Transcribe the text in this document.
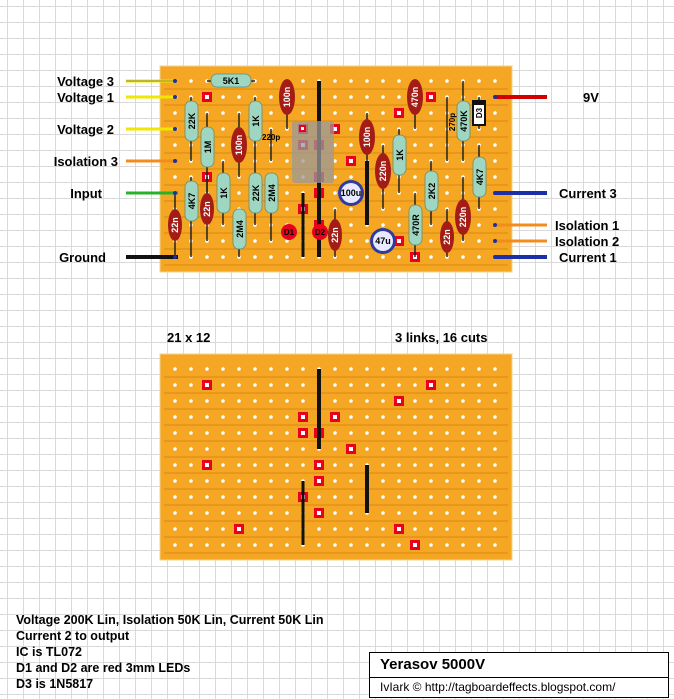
5K1
22K
1M
1K
4K7 1K 22K 2M4
2M4
1K
2K2
470R
470K
4K7
100n
100n	100n
470n
220n
220n
22n
22n
22n	22n
220p
270p
100u
47u
D1	D2
D3
Voltage 3
Voltage 1
Voltage 2
Isolation 3
Input
Ground
9V
Current 3
Isolation 1
Isolation 2
Current 1
21 x 12	3 links, 16 cuts
Voltage 200K Lin, Isolation 50K Lin, Current 50K Lin
Current 2 to output
IC is TL072
D1 and D2 are red 3mm LEDs
D3 is 1N5817
Yerasov 5000V
IvIark © http://tagboardeffects.blogspot.com/
